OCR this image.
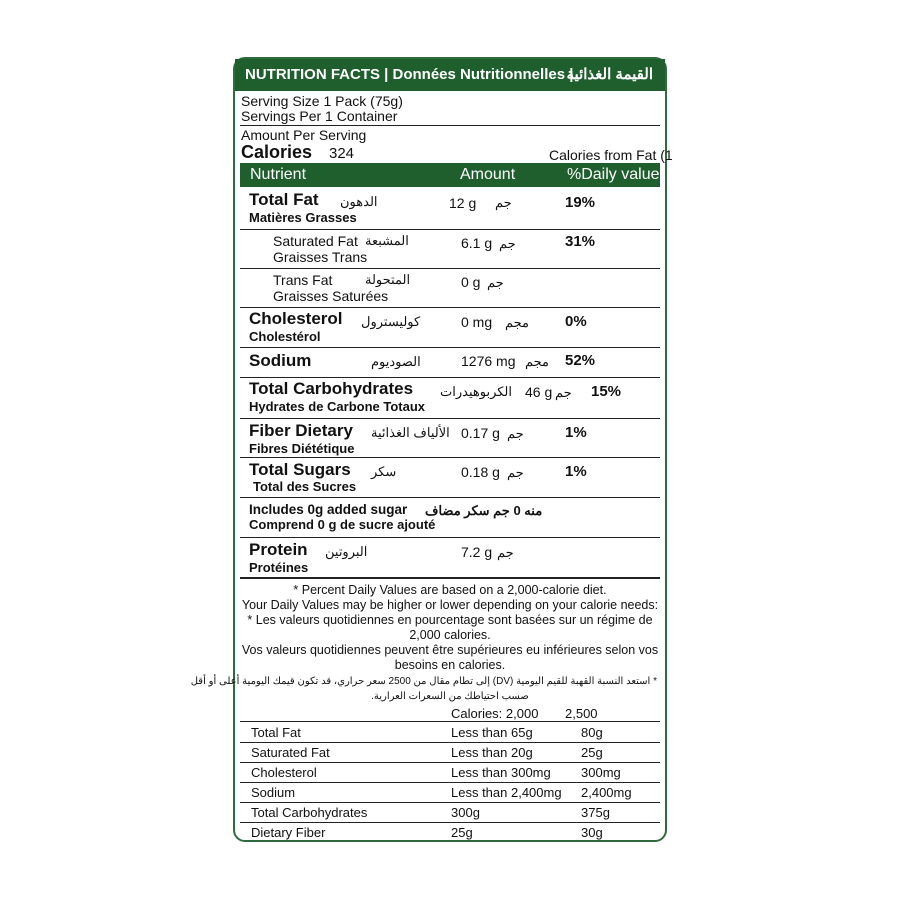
NUTRITION FACTS | Données Nutritionnelles |
القيمة الغذائية
Serving Size 1 Pack (75g)
Servings Per 1 Container
Amount Per Serving
Calories 324	Calories from Fat (1
Nutrient	Amount	%Daily value
Total Fat الدهون
Matières Grasses
12 g جم	19%
Saturated Fat المشبعة
Graisses Trans
6.1 g جم	31%
Trans Fat	المتحولة
Graisses Saturées
0 g جم
Cholesterol كوليسترول
Cholestérol
0 mg مجم 0%
Sodium	الصوديوم	1276 mg مجم 52%
Total Carbohydrates الكربوهيدرات
Hydrates de Carbone Totaux
46 g جم 15%
Fiber Dietary الألياف الغذائية
Fibres Diététique
0.17 g جم	1%
Total Sugars سكر
Total des Sucres
0.18 g جم	1%
Includes 0g added sugar منه 0 جم سكر مضاف
Comprend 0 g de sucre ajouté
Protein البروتين
Protéines
7.2 g جم
* Percent Daily Values are based on a 2,000-calorie diet.
Your Daily Values may be higher or lower depending on your calorie needs:
* Les valeurs quotidiennes en pourcentage sont basées sur un régime de
2,000 calories.
Vos valeurs quotidiennes peuvent être supérieures eu inférieures selon vos
besoins en calories.
* استعد النسبة القهبة للقيم اليومية (DV) إلى تطام مقال من 2500 سعر حراري، قد تكون قيمك اليومية أعلى أو أقل
صسب احتياطك من السعرات العرارية.
Calories: 2,000 2,500
Total Fat	Less than 65g	80g
Saturated Fat	Less than 20g	25g
Cholesterol	Less than 300mg 300mg
Sodium	Less than 2,400mg 2,400mg
Total Carbohydrates	300g	375g
Dietary Fiber	25g	30g
